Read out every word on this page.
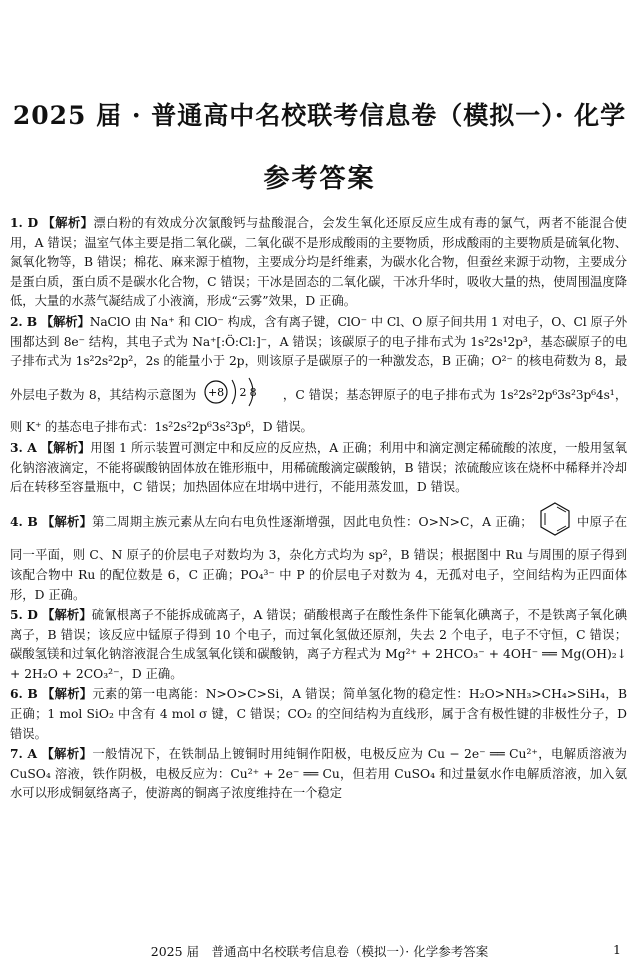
2025 届 · 普通高中名校联考信息卷（模拟一）· 化学
参考答案

1. D 【解析】漂白粉的有效成分次氯酸钙与盐酸混合，会发生氧化还原反应生成有毒的氯气，两者不能混合使用，A 错误；温室气体主要是指二氧化碳，二氧化碳不是形成酸雨的主要物质，形成酸雨的主要物质是硫氧化物、氮氧化物等，B 错误；棉花、麻来源于植物，主要成分均是纤维素，为碳水化合物，但蚕丝来源于动物，主要成分是蛋白质，蛋白质不是碳水化合物，C 错误；干冰是固态的二氧化碳，干冰升华时，吸收大量的热，使周围温度降低，大量的水蒸气凝结成了小液滴，形成“云雾”效果，D 正确。

2. B 【解析】NaClO 由 Na⁺ 和 ClO⁻ 构成，含有离子键，ClO⁻ 中 Cl、O 原子间共用 1 对电子，O、Cl 原子外围都达到 8e⁻ 结构，其电子式为 Na⁺[:Ö:Cl:]⁻，A 错误；该碳原子的电子排布式为 1s²2s¹2p³，基态碳原子的电子排布式为 1s²2s²2p²，2s 的能量小于 2p，则该原子是碳原子的一种激发态，B 正确；O²⁻ 的核电荷数为 8，最外层电子数为 8，其结构示意图为 +8 2 8 ，C 错误；基态钾原子的电子排布式为 1s²2s²2p⁶3s²3p⁶4s¹，则 K⁺ 的基态电子排布式：1s²2s²2p⁶3s²3p⁶，D 错误。

3. A 【解析】用图 1 所示装置可测定中和反应的反应热，A 正确；利用中和滴定测定稀硫酸的浓度，一般用氢氧化钠溶液滴定，不能将碳酸钠固体放在锥形瓶中，用稀硫酸滴定碳酸钠，B 错误；浓硫酸应该在烧杯中稀释并冷却后在转移至容量瓶中，C 错误；加热固体应在坩埚中进行，不能用蒸发皿，D 错误。

4. B 【解析】第二周期主族元素从左向右电负性逐渐增强，因此电负性：O>N>C，A 正确；	中原子在同一平面，则 C、N 原子的价层电子对数均为 3，杂化方式均为 sp²，B 错误；根据图中 Ru 与周围的原子得到该配合物中 Ru 的配位数是 6，C 正确；PO₄³⁻ 中 P 的价层电子对数为 4，无孤对电子，空间结构为正四面体形，D 正确。

5. D 【解析】硫氰根离子不能拆成硫离子，A 错误；硝酸根离子在酸性条件下能氧化碘离子，不是铁离子氧化碘离子，B 错误；该反应中锰原子得到 10 个电子，而过氧化氢做还原剂，失去 2 个电子，电子不守恒，C 错误；碳酸氢镁和过氧化钠溶液混合生成氢氧化镁和碳酸钠，离子方程式为 Mg²⁺ + 2HCO₃⁻ + 4OH⁻ ══ Mg(OH)₂↓ + 2H₂O + 2CO₃²⁻，D 正确。

6. B 【解析】元素的第一电离能：N>O>C>Si，A 错误；简单氢化物的稳定性：H₂O>NH₃>CH₄>SiH₄，B 正确；1 mol SiO₂ 中含有 4 mol σ 键，C 错误；CO₂ 的空间结构为直线形，属于含有极性键的非极性分子，D 错误。

7. A 【解析】一般情况下，在铁制品上镀铜时用纯铜作阳极，电极反应为 Cu − 2e⁻ ══ Cu²⁺，电解质溶液为 CuSO₄ 溶液，铁作阴极，电极反应为：Cu²⁺ + 2e⁻ ══ Cu，但若用 CuSO₄ 和过量氨水作电解质溶液，加入氨水可以形成铜氨络离子，使游离的铜离子浓度维持在一个稳定

2025 届　普通高中名校联考信息卷（模拟一）· 化学参考答案	1
